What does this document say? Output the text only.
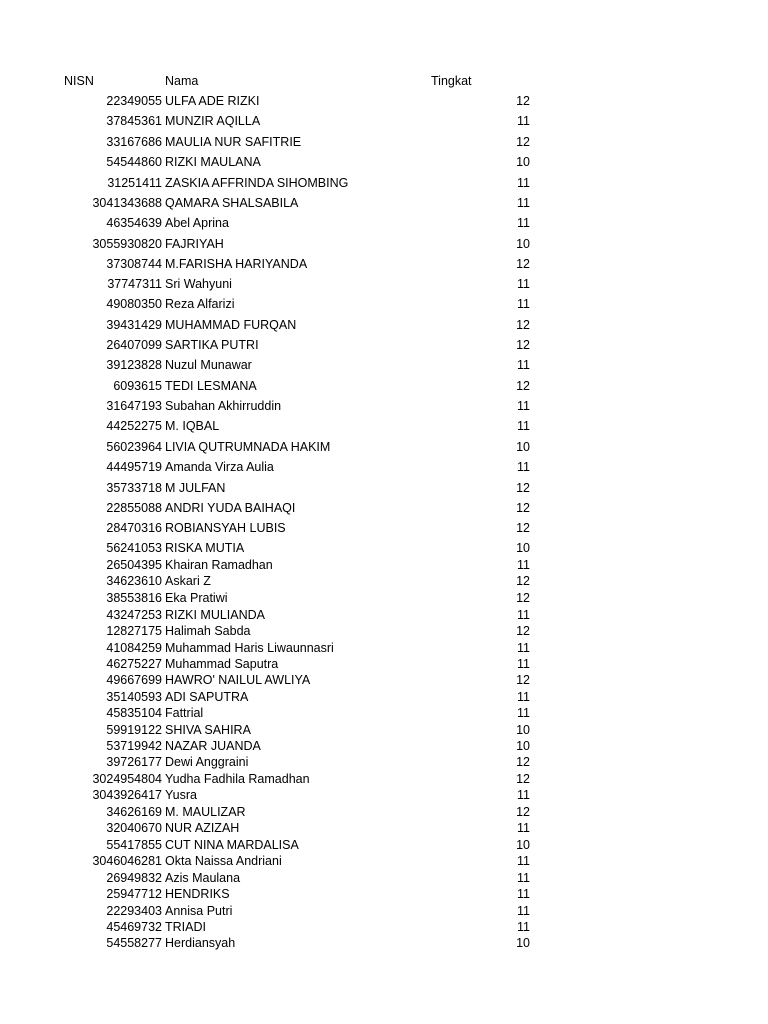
NISN	Nama	Tingkat
22349055 ULFA ADE RIZKI	12
37845361 MUNZIR AQILLA	11
33167686 MAULIA NUR SAFITRIE	12
54544860 RIZKI MAULANA	10
31251411 ZASKIA AFFRINDA SIHOMBING	11
3041343688 QAMARA SHALSABILA	11
46354639 Abel Aprina	11
3055930820 FAJRIYAH	10
37308744 M.FARISHA HARIYANDA	12
37747311 Sri Wahyuni	11
49080350 Reza Alfarizi	11
39431429 MUHAMMAD FURQAN	12
26407099 SARTIKA PUTRI	12
39123828 Nuzul Munawar	11
6093615 TEDI LESMANA	12
31647193 Subahan Akhirruddin	11
44252275 M. IQBAL	11
56023964 LIVIA QUTRUMNADA HAKIM	10
44495719 Amanda Virza Aulia	11
35733718 M JULFAN	12
22855088 ANDRI YUDA BAIHAQI	12
28470316 ROBIANSYAH LUBIS	12
56241053 RISKA MUTIA	10
26504395 Khairan Ramadhan	11
34623610 Askari Z	12
38553816 Eka Pratiwi	12
43247253 RIZKI MULIANDA	11
12827175 Halimah Sabda	12
41084259 Muhammad Haris Liwaunnasri	11
46275227 Muhammad Saputra	11
49667699 HAWRO' NAILUL AWLIYA	12
35140593 ADI SAPUTRA	11
45835104 Fattrial	11
59919122 SHIVA SAHIRA	10
53719942 NAZAR JUANDA	10
39726177 Dewi Anggraini	12
3024954804 Yudha Fadhila Ramadhan	12
3043926417 Yusra	11
34626169 M. MAULIZAR	12
32040670 NUR AZIZAH	11
55417855 CUT NINA MARDALISA	10
3046046281 Okta Naissa Andriani	11
26949832 Azis Maulana	11
25947712 HENDRIKS	11
22293403 Annisa Putri	11
45469732 TRIADI	11
54558277 Herdiansyah	10
